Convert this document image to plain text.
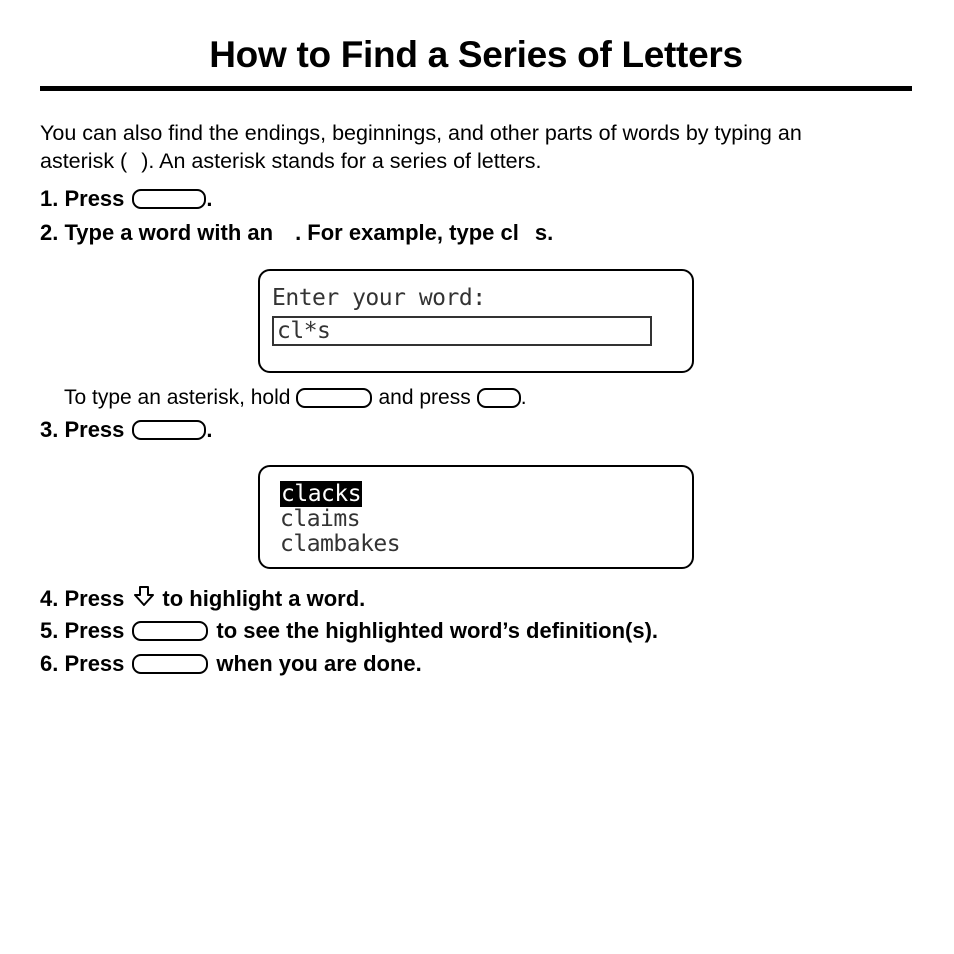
How to Find a Series of Letters
You can also find the endings, beginnings, and other parts of words by typing an
asterisk ( ). An asterisk stands for a series of letters.
1. Press	.
2. Type a word with an . For example, type cl s.
Enter your word:
cl*s
To type an asterisk, hold	and press .
3. Press	.
clacks
claims
clambakes
4. Press to highlight a word.
5. Press	to see the highlighted word’s definition(s).
6. Press	when you are done.
